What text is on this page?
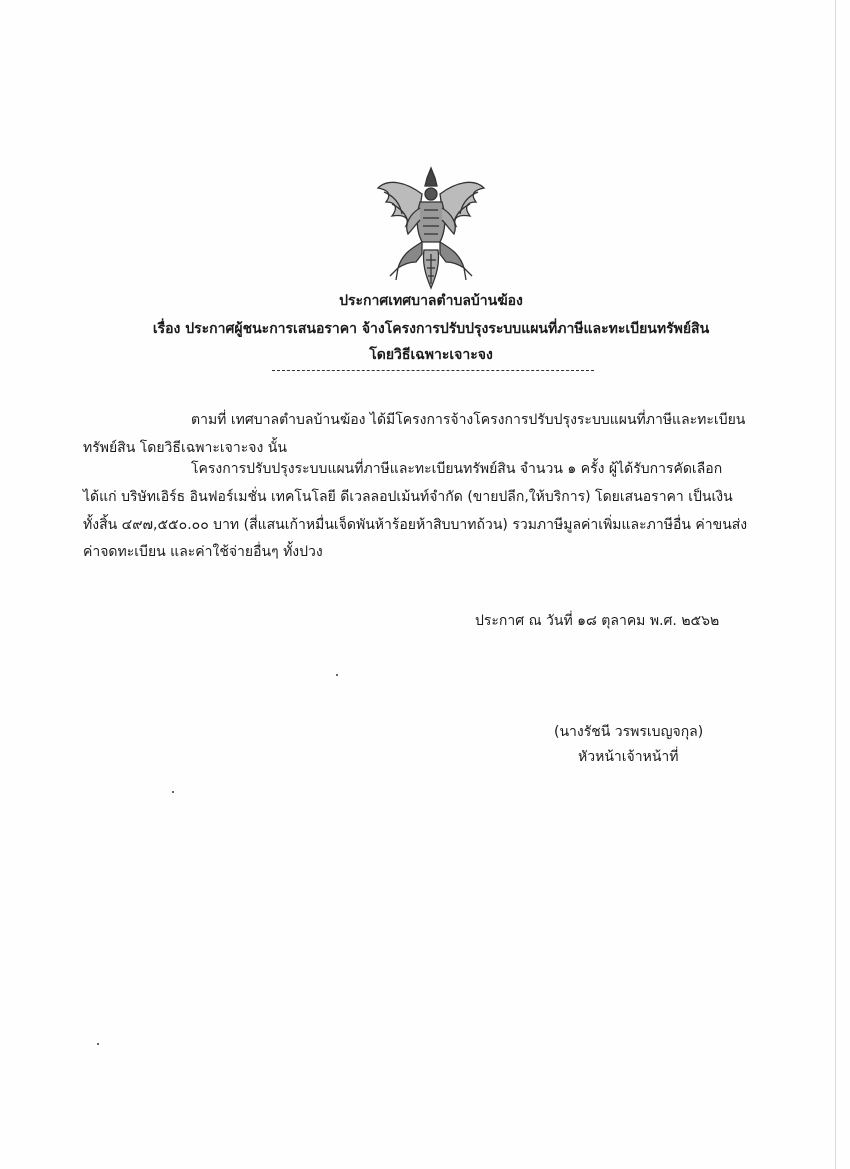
ประกาศเทศบาลตำบลบ้านฆ้อง
เรื่อง ประกาศผู้ชนะการเสนอราคา จ้างโครงการปรับปรุงระบบแผนที่ภาษีและทะเบียนทรัพย์สิน
โดยวิธีเฉพาะเจาะจง
ตามที่ เทศบาลตำบลบ้านฆ้อง ได้มีโครงการจ้างโครงการปรับปรุงระบบแผนที่ภาษีและทะเบียน
ทรัพย์สิน โดยวิธีเฉพาะเจาะจง นั้น
โครงการปรับปรุงระบบแผนที่ภาษีและทะเบียนทรัพย์สิน จำนวน ๑ ครั้ง ผู้ได้รับการคัดเลือก
ได้แก่ บริษัทเอิร์ธ อินฟอร์เมชั่น เทคโนโลยี ดีเวลลอปเม้นท์จำกัด (ขายปลีก,ให้บริการ) โดยเสนอราคา เป็นเงิน
ทั้งสิ้น ๔๙๗,๕๕๐.๐๐ บาท (สี่แสนเก้าหมื่นเจ็ดพันห้าร้อยห้าสิบบาทถ้วน) รวมภาษีมูลค่าเพิ่มและภาษีอื่น ค่าขนส่ง
ค่าจดทะเบียน และค่าใช้จ่ายอื่นๆ ทั้งปวง
ประกาศ ณ วันที่ ๑๘ ตุลาคม พ.ศ. ๒๕๖๒
(นางรัชนี วรพรเบญจกุล)
หัวหน้าเจ้าหน้าที่
